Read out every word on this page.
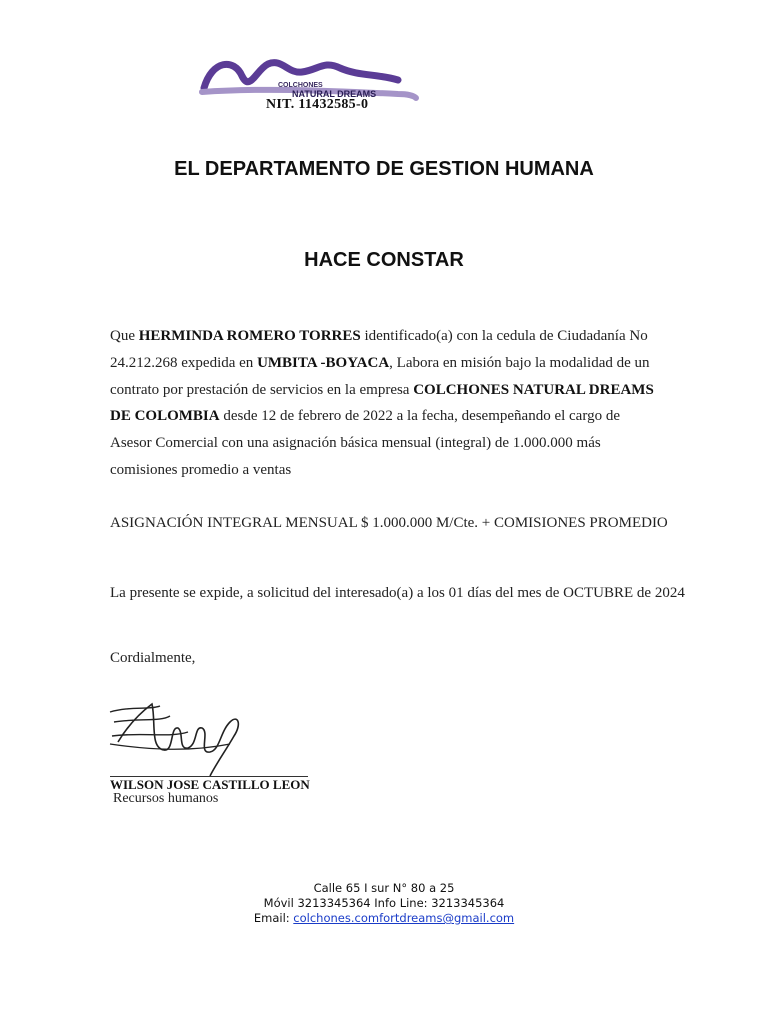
COLCHONES
NATURAL DREAMS
NIT. 11432585-0
EL DEPARTAMENTO DE GESTION HUMANA
HACE CONSTAR
Que HERMINDA ROMERO TORRES identificado(a) con la cedula de Ciudadanía No 24.212.268 expedida en UMBITA -BOYACA, Labora en misión bajo la modalidad de un contrato por prestación de servicios en la empresa COLCHONES NATURAL DREAMS DE COLOMBIA desde 12 de febrero de 2022 a la fecha, desempeñando el cargo de Asesor Comercial con una asignación básica mensual (integral) de 1.000.000 más comisiones promedio a ventas
ASIGNACIÓN INTEGRAL MENSUAL $ 1.000.000 M/Cte. + COMISIONES PROMEDIO
La presente se expide, a solicitud del interesado(a) a los 01 días del mes de OCTUBRE de 2024
Cordialmente,
WILSON JOSE CASTILLO LEON
Recursos humanos
Calle 65 I sur N° 80 a 25
Móvil 3213345364 Info Line: 3213345364
Email: colchones.comfortdreams@gmail.com
